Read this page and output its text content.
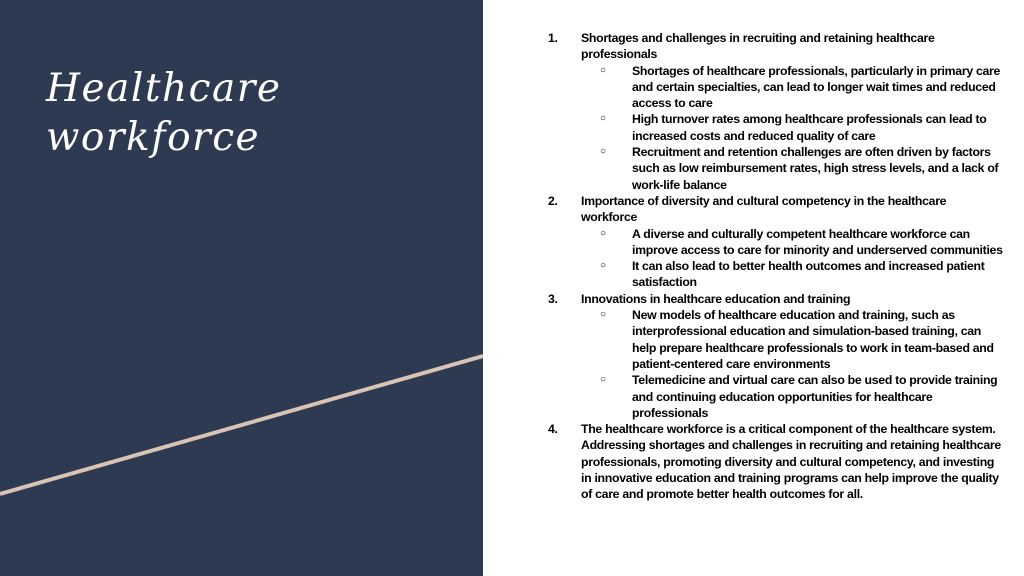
Healthcare
workforce
1. Shortages and challenges in recruiting and retaining healthcare professionals
○ Shortages of healthcare professionals, particularly in primary care and certain specialties, can lead to longer wait times and reduced access to care
○ High turnover rates among healthcare professionals can lead to increased costs and reduced quality of care
○ Recruitment and retention challenges are often driven by factors such as low reimbursement rates, high stress levels, and a lack of work-life balance
2. Importance of diversity and cultural competency in the healthcare workforce
○ A diverse and culturally competent healthcare workforce can improve access to care for minority and underserved communities
○ It can also lead to better health outcomes and increased patient satisfaction
3. Innovations in healthcare education and training
○ New models of healthcare education and training, such as interprofessional education and simulation-based training, can help prepare healthcare professionals to work in team-based and patient-centered care environments
○ Telemedicine and virtual care can also be used to provide training and continuing education opportunities for healthcare professionals
4. The healthcare workforce is a critical component of the healthcare system. Addressing shortages and challenges in recruiting and retaining healthcare professionals, promoting diversity and cultural competency, and investing in innovative education and training programs can help improve the quality of care and promote better health outcomes for all.
